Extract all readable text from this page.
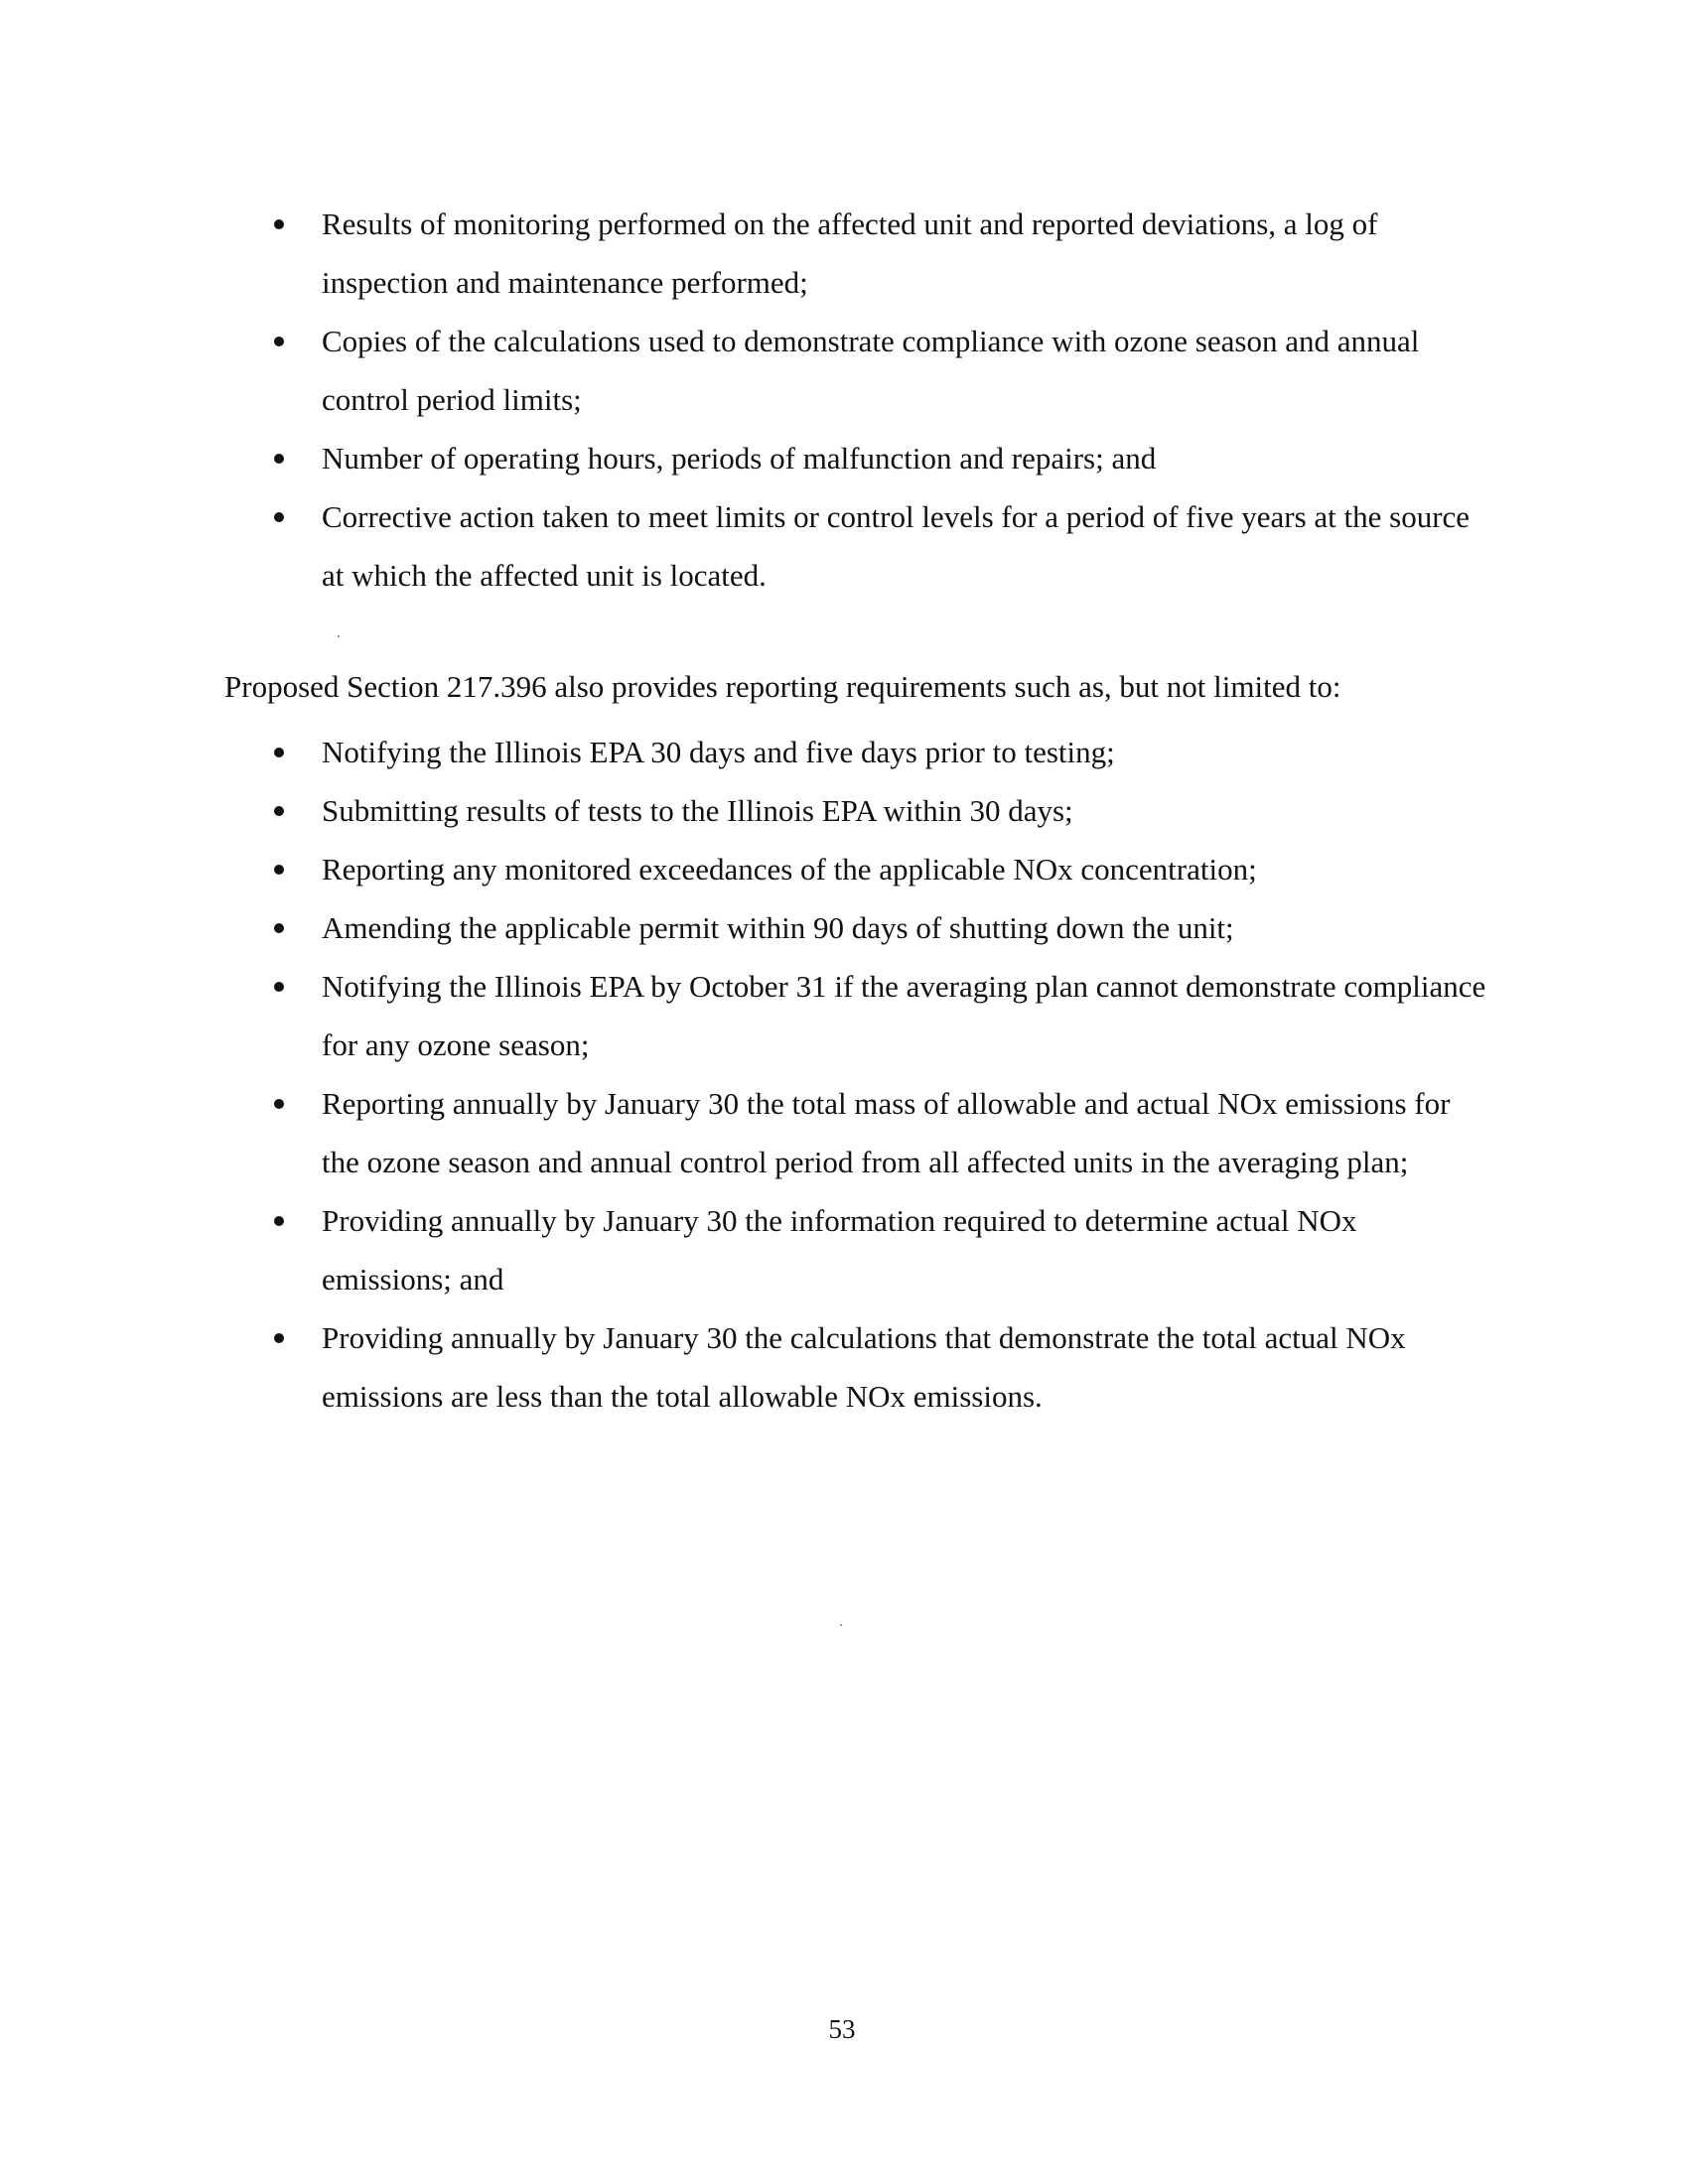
Results of monitoring performed on the affected unit and reported deviations, a log of inspection and maintenance performed;
Copies of the calculations used to demonstrate compliance with ozone season and annual control period limits;
Number of operating hours, periods of malfunction and repairs; and
Corrective action taken to meet limits or control levels for a period of five years at the source at which the affected unit is located.

Proposed Section 217.396 also provides reporting requirements such as, but not limited to:

Notifying the Illinois EPA 30 days and five days prior to testing;
Submitting results of tests to the Illinois EPA within 30 days;
Reporting any monitored exceedances of the applicable NOx concentration;
Amending the applicable permit within 90 days of shutting down the unit;
Notifying the Illinois EPA by October 31 if the averaging plan cannot demonstrate compliance for any ozone season;
Reporting annually by January 30 the total mass of allowable and actual NOx emissions for the ozone season and annual control period from all affected units in the averaging plan;
Providing annually by January 30 the information required to determine actual NOx emissions; and
Providing annually by January 30 the calculations that demonstrate the total actual NOx emissions are less than the total allowable NOx emissions.

53
